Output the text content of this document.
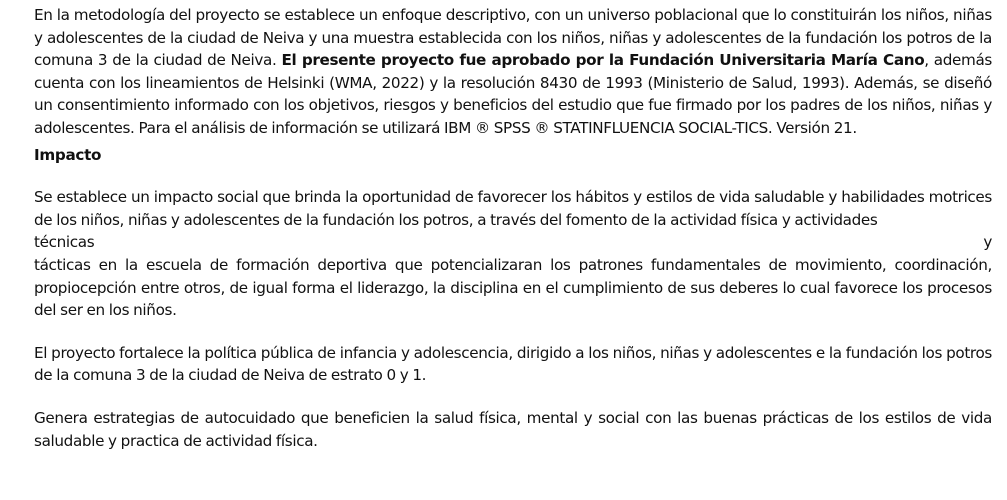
En la metodología del proyecto se establece un enfoque descriptivo, con un universo poblacional que lo constituirán los niños, niñas y adolescentes de la ciudad de Neiva y una muestra establecida con los niños, niñas y adolescentes de la fundación los potros de la comuna 3 de la ciudad de Neiva. El presente proyecto fue aprobado por la Fundación Universitaria María Cano, además cuenta con los lineamientos de Helsinki (WMA, 2022) y la resolución 8430 de 1993 (Ministerio de Salud, 1993). Además, se diseñó un consentimiento informado con los objetivos, riesgos y beneficios del estudio que fue firmado por los padres de los niños, niñas y adolescentes. Para el análisis de información se utilizará IBM ® SPSS ® STATINFLUENCIA SOCIAL-TICS. Versión 21.

Impacto

Se establece un impacto social que brinda la oportunidad de favorecer los hábitos y estilos de vida saludable y habilidades motrices de los niños, niñas y adolescentes de la fundación los potros, a través del fomento de la actividad física y actividades

técnicas	y

tácticas en la escuela de formación deportiva que potencializaran los patrones fundamentales de movimiento, coordinación, propiocepción entre otros, de igual forma el liderazgo, la disciplina en el cumplimiento de sus deberes lo cual favorece los procesos del ser en los niños.

El proyecto fortalece la política pública de infancia y adolescencia, dirigido a los niños, niñas y adolescentes e la fundación los potros de la comuna 3 de la ciudad de Neiva de estrato 0 y 1.

Genera estrategias de autocuidado que beneficien la salud física, mental y social con las buenas prácticas de los estilos de vida saludable y practica de actividad física.
